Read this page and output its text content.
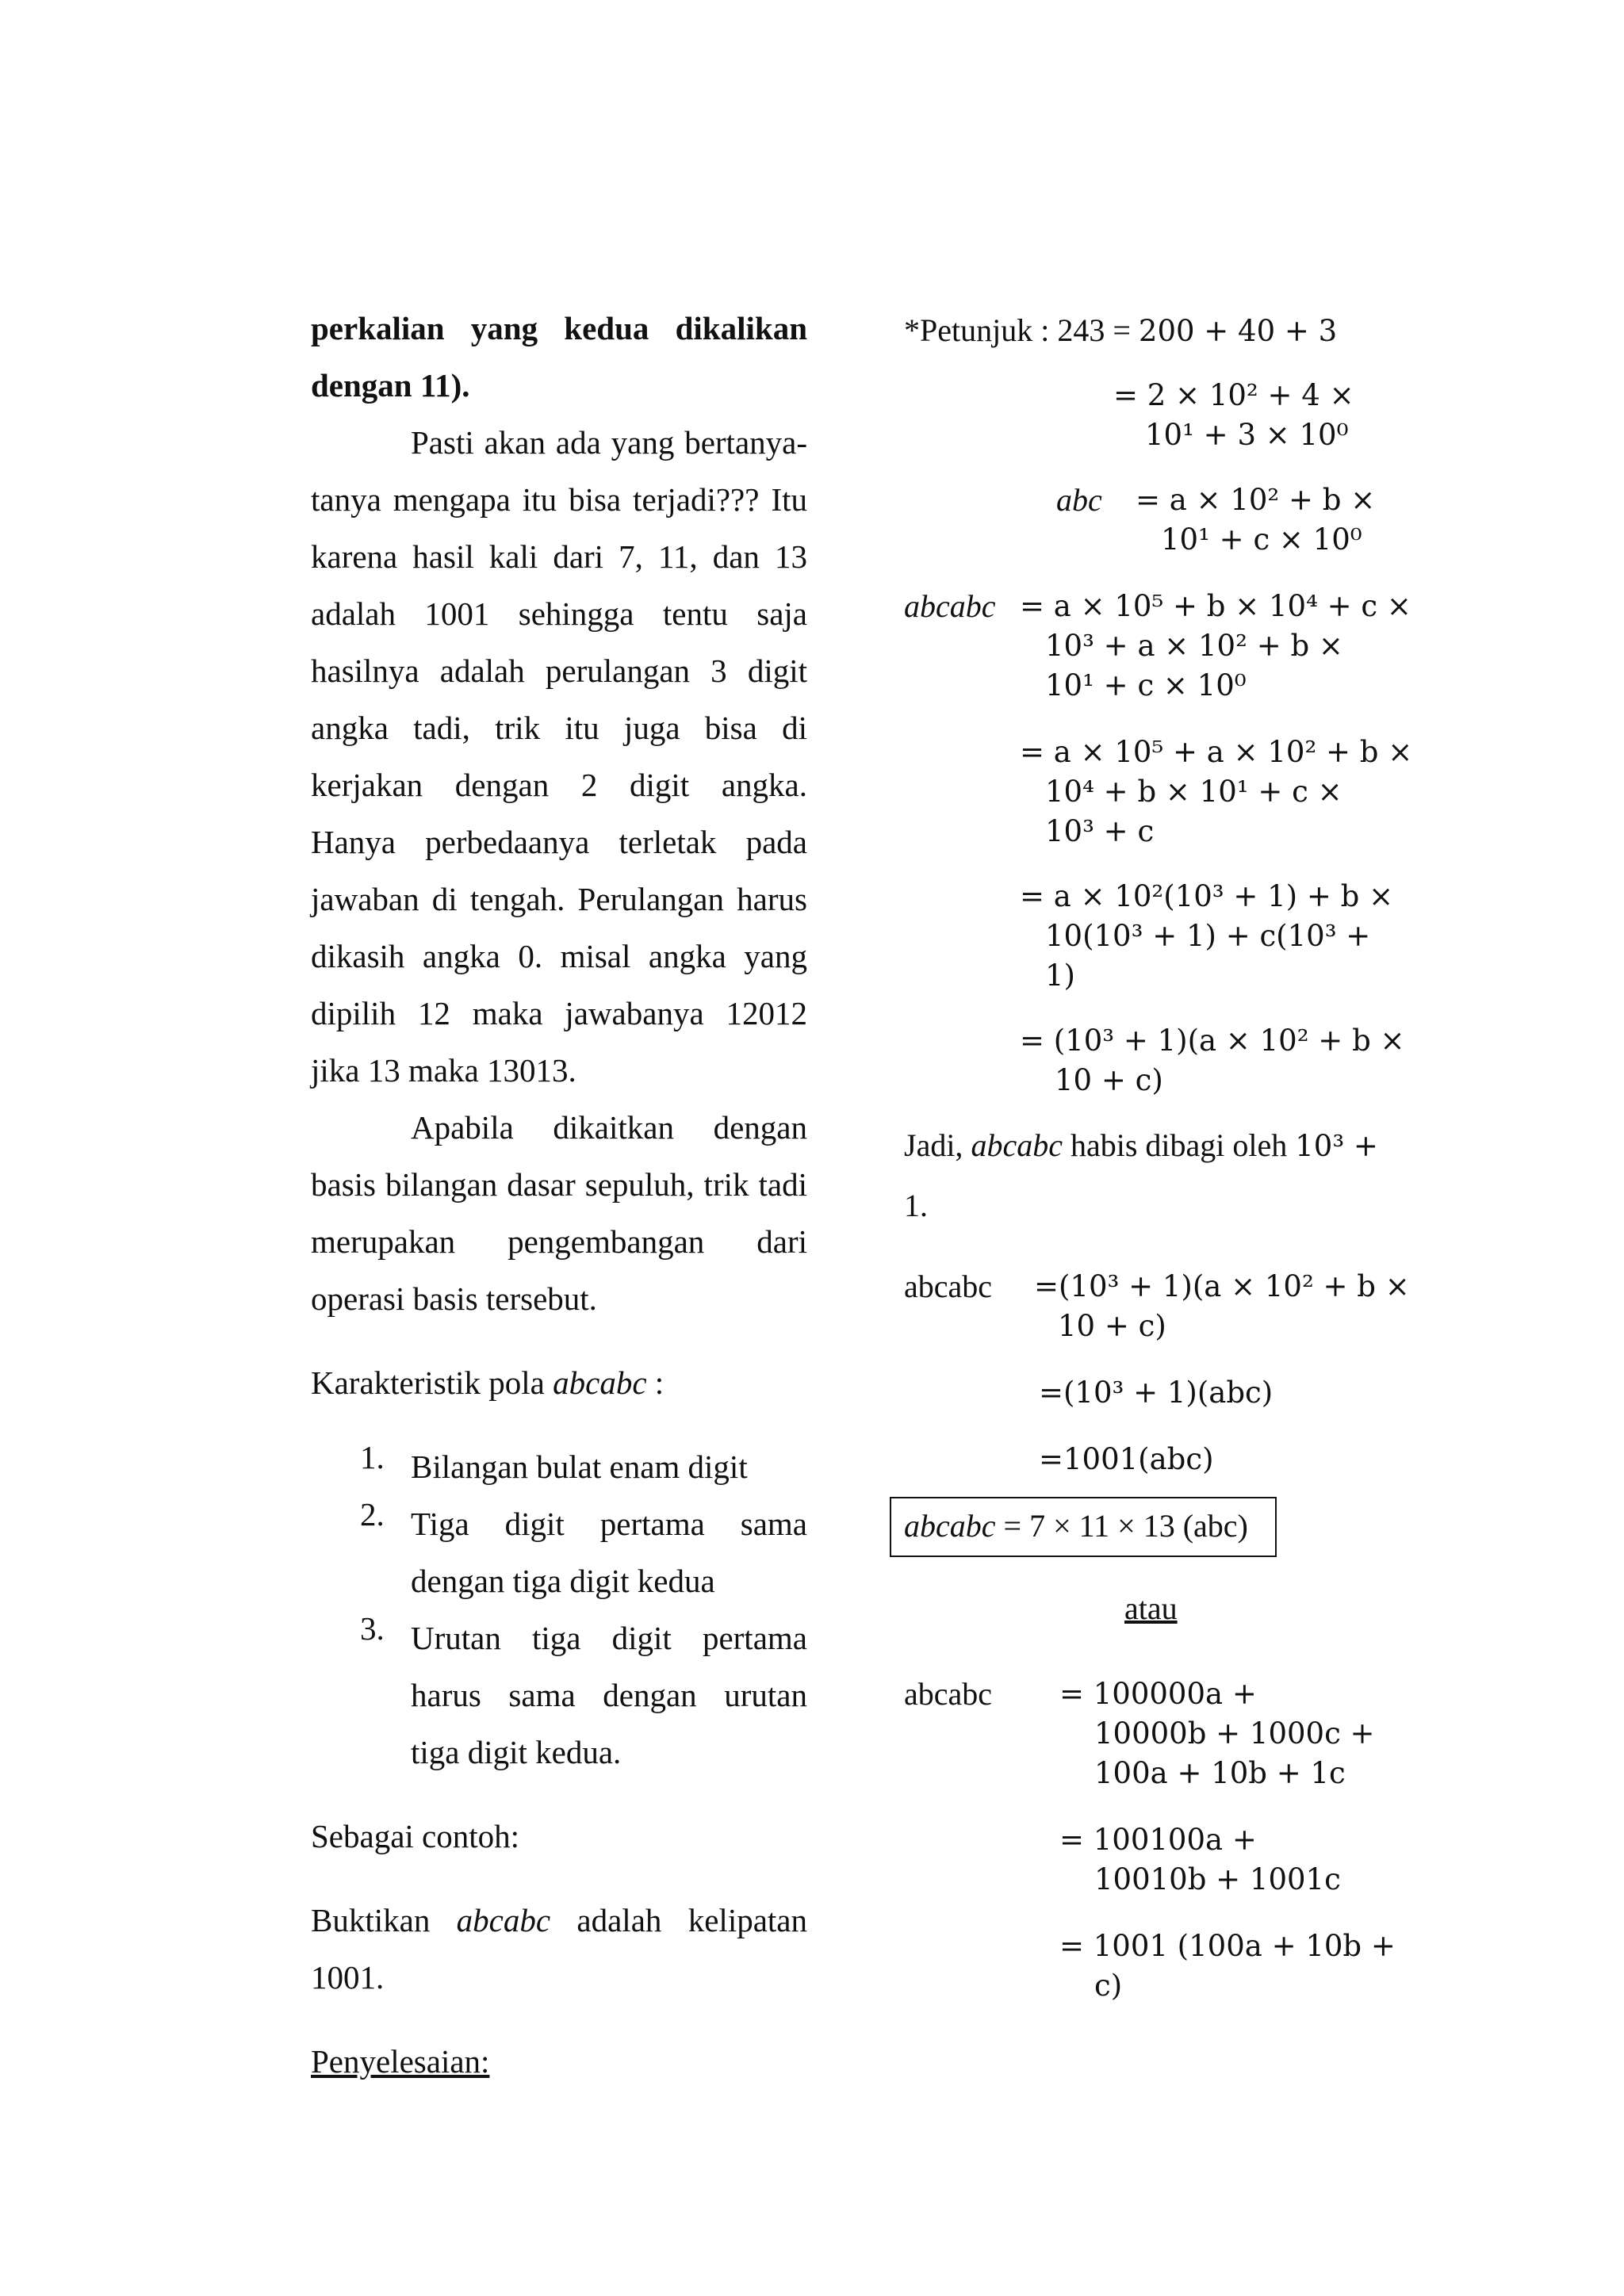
perkalian yang kedua dikalikan
dengan 11).
Pasti akan ada yang bertanya-
tanya mengapa itu bisa terjadi??? Itu
karena hasil kali dari 7, 11, dan 13
adalah 1001 sehingga tentu saja
hasilnya adalah perulangan 3 digit
angka tadi, trik itu juga bisa di
kerjakan dengan 2 digit angka.
Hanya perbedaanya terletak pada
jawaban di tengah. Perulangan harus
dikasih angka 0. misal angka yang
dipilih 12 maka jawabanya 12012
jika 13 maka 13013.
Apabila dikaitkan dengan
basis bilangan dasar sepuluh, trik tadi
merupakan pengembangan dari
operasi basis tersebut.
Karakteristik pola abcabc :
1. Bilangan bulat enam digit
2. Tiga digit pertama sama
dengan tiga digit kedua
3. Urutan tiga digit pertama
harus sama dengan urutan
tiga digit kedua.
Sebagai contoh:
Buktikan abcabc adalah kelipatan
1001.
Penyelesaian:
*Petunjuk : 243 = 200 + 40 + 3
= 2 × 10² + 4 ×
10¹ + 3 × 10⁰
abc = a × 10² + b ×
10¹ + c × 10⁰
abcabc = a × 10⁵ + b × 10⁴ + c ×
10³ + a × 10² + b ×
10¹ + c × 10⁰
= a × 10⁵ + a × 10² + b ×
10⁴ + b × 10¹ + c ×
10³ + c
= a × 10²(10³ + 1) + b ×
10(10³ + 1) + c(10³ +
1)
= (10³ + 1)(a × 10² + b ×
10 + c)
Jadi, abcabc habis dibagi oleh 10³ +
1.
abcabc =(10³ + 1)(a × 10² + b ×
10 + c)
=(10³ + 1)(abc)
=1001(abc)
abcabc = 7 × 11 × 13 (abc)
atau
abcabc = 100000a +
10000b + 1000c +
100a + 10b + 1c
= 100100a +
10010b + 1001c
= 1001 (100a + 10b +
c)
